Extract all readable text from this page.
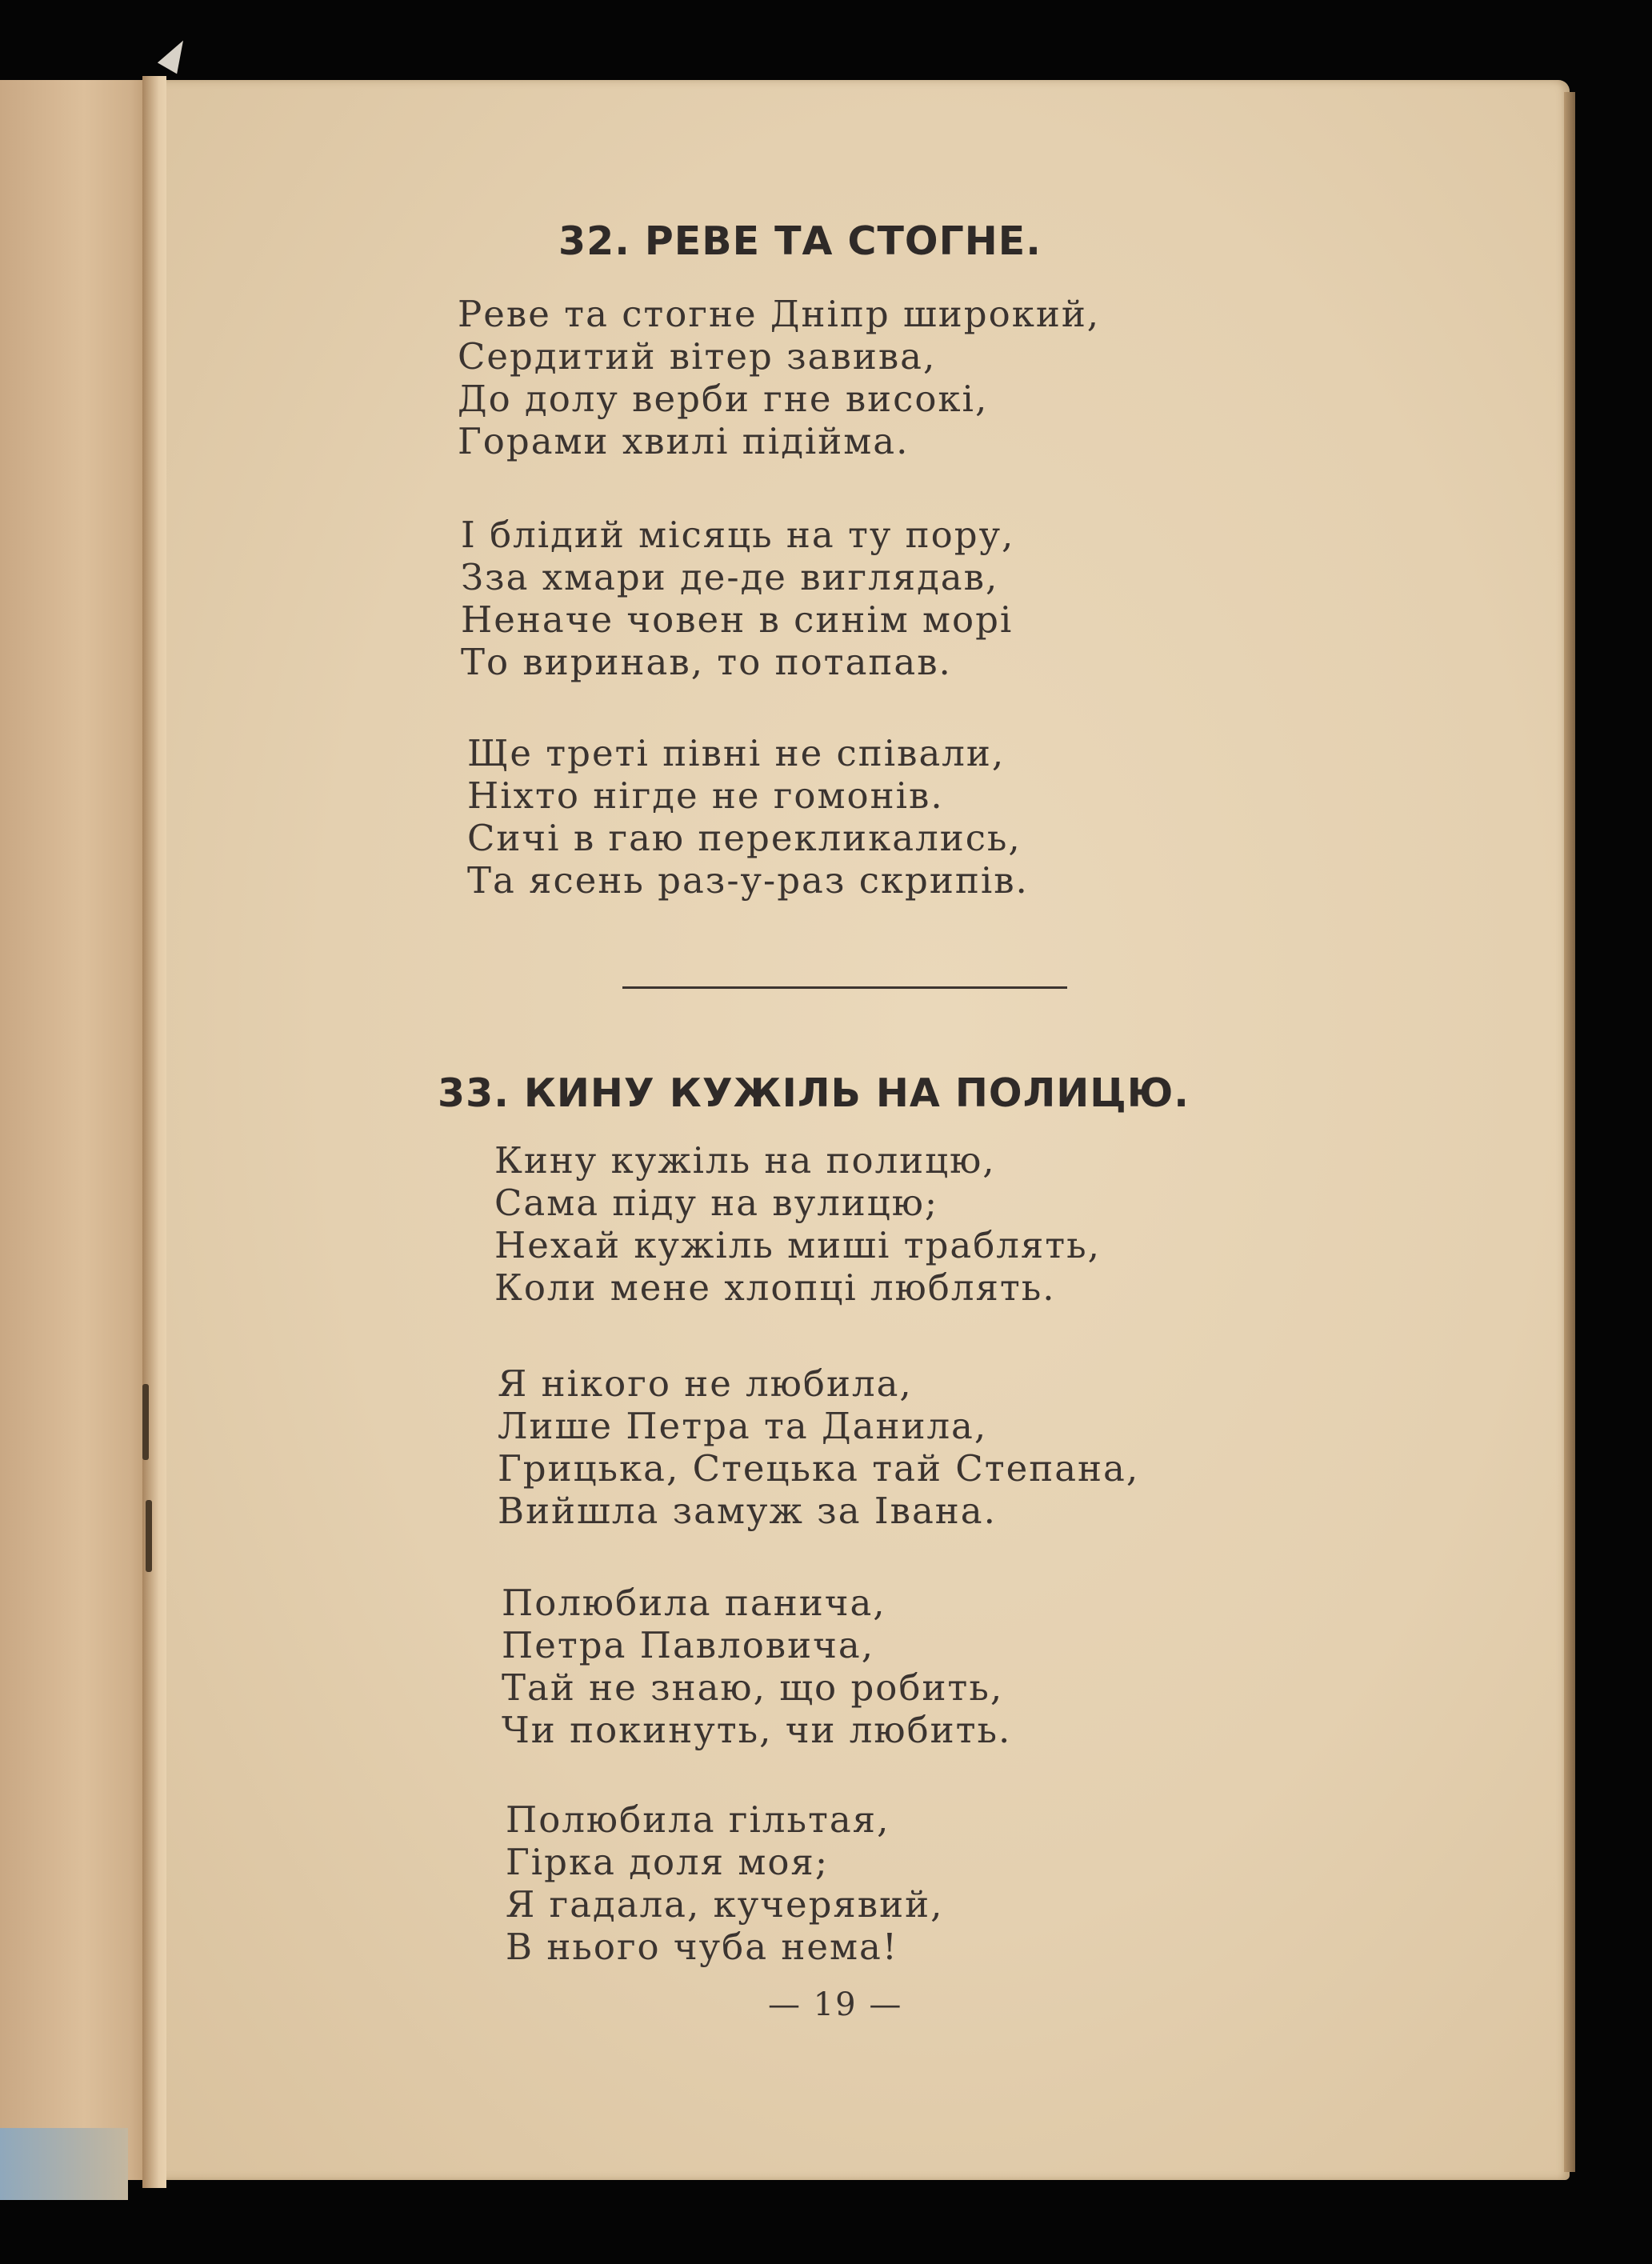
32. РЕВЕ ТА СТОГНЕ.
Реве та стогне Дніпр широкий,
Сердитий вітер завива,
До долу верби гне високі,
Горами хвилі підійма.
І блідий місяць на ту пору,
Зза хмари де-де виглядав,
Неначе човен в синім морі
То виринав, то потапав.
Ще треті півні не співали,
Ніхто нігде не гомонів.
Сичі в гаю перекликались,
Та ясень раз-у-раз скрипів.
33. КИНУ КУЖІЛЬ НА ПОЛИЦЮ.
Кину кужіль на полицю,
Сама піду на вулицю;
Нехай кужіль миші траблять,
Коли мене хлопці люблять.
Я нікого не любила,
Лише Петра та Данила,
Грицька, Стецька тай Степана,
Вийшла замуж за Івана.
Полюбила панича,
Петра Павловича,
Тай не знаю, що робить,
Чи покинуть, чи любить.
Полюбила гільтая,
Гірка доля моя;
Я гадала, кучерявий,
В нього чуба нема!
— 19 —
